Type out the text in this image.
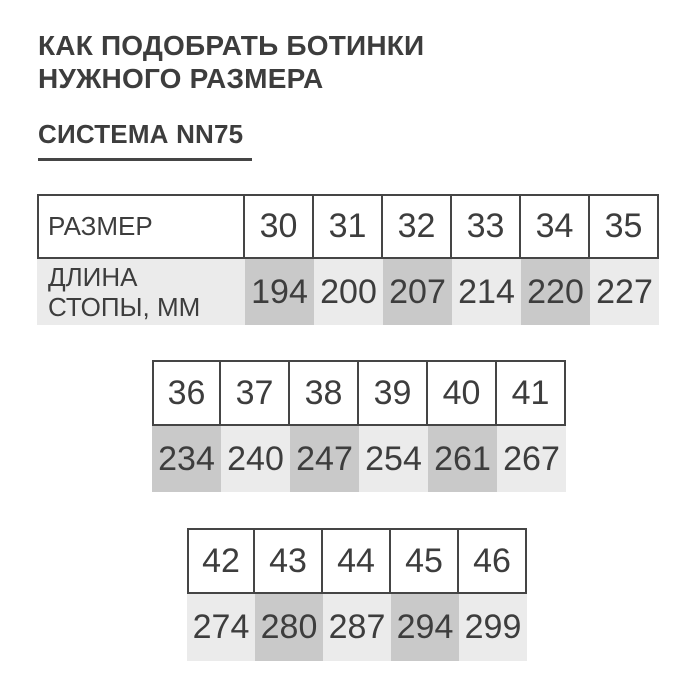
КАК ПОДОБРАТЬ БОТИНКИ
НУЖНОГО РАЗМЕРА
СИСТЕМА NN75
РАЗМЕР	30 31 32 33 34 35
ДЛИНА СТОПЫ, ММ	194 200 207 214 220 227
36 37 38 39 40 41
234 240 247 254 261 267
42 43 44 45 46
274 280 287 294 299
